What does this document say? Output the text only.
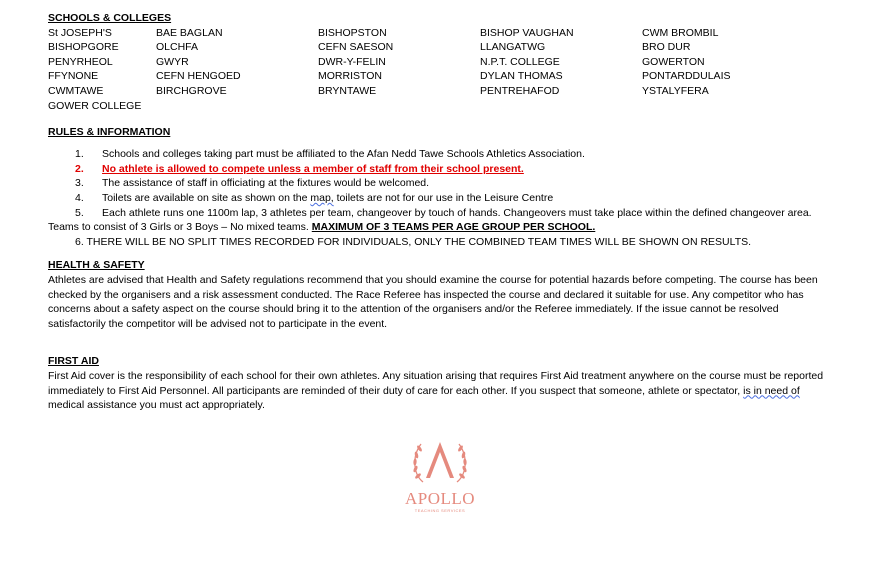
SCHOOLS & COLLEGES
St JOSEPH'S
BISHOPGORE
PENYRHEOL
FFYNONE
CWMTAWE
GOWER COLLEGE
BAE BAGLAN
OLCHFA
GWYR
CEFN HENGOED
BIRCHGROVE
BISHOPSTON
CEFN SAESON
DWR-Y-FELIN
MORRISTON
BRYNTAWE
BISHOP VAUGHAN
LLANGATWG
N.P.T. COLLEGE
DYLAN THOMAS
PENTREHAFOD
CWM BROMBIL
BRO DUR
GOWERTON
PONTARDDULAIS
YSTALYFERA
RULES & INFORMATION
1. Schools and colleges taking part must be affiliated to the Afan Nedd Tawe Schools Athletics Association.
2. No athlete is allowed to compete unless a member of staff from their school present.
3. The assistance of staff in officiating at the fixtures would be welcomed.
4. Toilets are available on site as shown on the map, toilets are not for our use in the Leisure Centre
5. Each athlete runs one 1100m lap, 3 athletes per team, changeover by touch of hands. Changeovers must take place within the defined changeover area. Teams to consist of 3 Girls or 3 Boys – No mixed teams. MAXIMUM OF 3 TEAMS PER AGE GROUP PER SCHOOL.
6. THERE WILL BE NO SPLIT TIMES RECORDED FOR INDIVIDUALS, ONLY THE COMBINED TEAM TIMES WILL BE SHOWN ON RESULTS.
HEALTH & SAFETY

Athletes are advised that Health and Safety regulations recommend that you should examine the course for potential hazards before competing. The course has been checked by the organisers and a risk assessment conducted. The Race Referee has inspected the course and declared it suitable for use. Any competitor who has concerns about a safety aspect on the course should bring it to the attention of the organisers and/or the Referee immediately. If the issue cannot be resolved satisfactorily the competitor will be advised not to participate in the event.

FIRST AID

First Aid cover is the responsibility of each school for their own athletes. Any situation arising that requires First Aid treatment anywhere on the course must be reported immediately to First Aid Personnel. All participants are reminded of their duty of care for each other. If you suspect that someone, athlete or spectator, is in need of medical assistance you must act appropriately.

APOLLO
TEACHING SERVICES
